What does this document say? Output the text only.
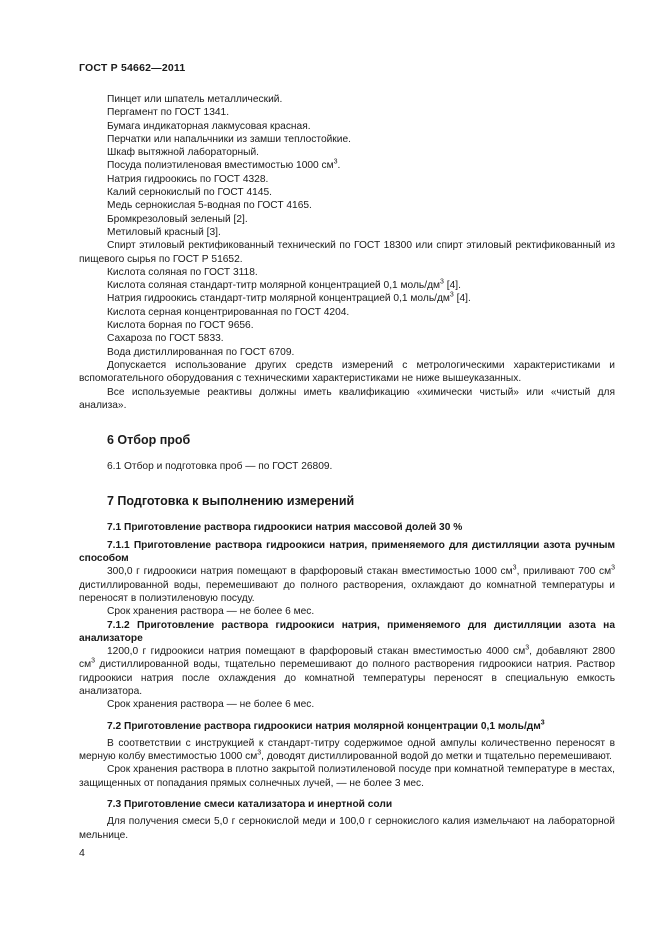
ГОСТ Р 54662—2011

Пинцет или шпатель металлический.

Пергамент по ГОСТ 1341.

Бумага индикаторная лакмусовая красная.

Перчатки или напальчники из замши теплостойкие.

Шкаф вытяжной лабораторный.

Посуда полиэтиленовая вместимостью 1000 $см^3$.

Натрия гидроокись по ГОСТ 4328.

Калий сернокислый по ГОСТ 4145.

Медь сернокислая 5-водная по ГОСТ 4165.

Бромкрезоловый зеленый [2].

Метиловый красный [3].

Спирт этиловый ректификованный технический по ГОСТ 18300 или спирт этиловый ректификованный из пищевого сырья по ГОСТ Р 51652.

Кислота соляная по ГОСТ 3118.

Кислота соляная стандарт-титр молярной концентрацией 0,1 моль/$дм^3$ [4].

Натрия гидроокись стандарт-титр молярной концентрацией 0,1 моль/$дм^3$ [4].

Кислота серная концентрированная по ГОСТ 4204.

Кислота борная по ГОСТ 9656.

Сахароза по ГОСТ 5833.

Вода дистиллированная по ГОСТ 6709.

Допускается использование других средств измерений с метрологическими характеристиками и вспомогательного оборудования с техническими характеристиками не ниже вышеуказанных.

Все используемые реактивы должны иметь квалификацию «химически чистый» или «чистый для анализа».

6 Отбор проб

6.1 Отбор и подготовка проб — по ГОСТ 26809.

7 Подготовка к выполнению измерений
7.1 Приготовление раствора гидроокиси натрия массовой долей 30 %

7.1.1 Приготовление раствора гидроокиси натрия, применяемого для дистилляции азота ручным способом

300,0 г гидроокиси натрия помещают в фарфоровый стакан вместимостью 1000 $см^3$, приливают 700 $см^3$ дистиллированной воды, перемешивают до полного растворения, охлаждают до комнатной температуры и переносят в полиэтиленовую посуду.

Срок хранения раствора — не более 6 мес.

7.1.2 Приготовление раствора гидроокиси натрия, применяемого для дистилляции азота на анализаторе

1200,0 г гидроокиси натрия помещают в фарфоровый стакан вместимостью 4000 $см^3$, добавляют 2800 $см^3$ дистиллированной воды, тщательно перемешивают до полного растворения гидроокиси натрия. Раствор гидроокиси натрия после охлаждения до комнатной температуры переносят в специальную емкость анализатора.

Срок хранения раствора — не более 6 мес.

7.2 Приготовление раствора гидроокиси натрия молярной концентрации 0,1 моль/$дм^3$

В соответствии с инструкцией к стандарт-титру содержимое одной ампулы количественно переносят в мерную колбу вместимостью 1000 $см^3$, доводят дистиллированной водой до метки и тщательно перемешивают.

Срок хранения раствора в плотно закрытой полиэтиленовой посуде при комнатной температуре в местах, защищенных от попадания прямых солнечных лучей, — не более 3 мес.

7.3 Приготовление смеси катализатора и инертной соли

Для получения смеси 5,0 г сернокислой меди и 100,0 г сернокислого калия измельчают на лабораторной мельнице.

4
